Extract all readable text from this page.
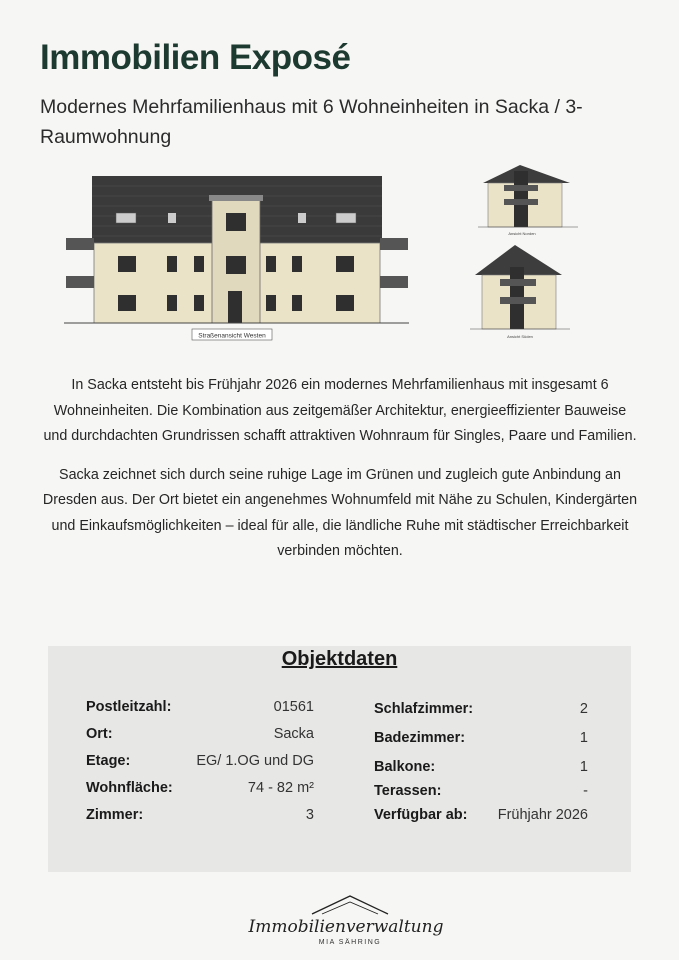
Immobilien Exposé

Modernes Mehrfamilienhaus mit 6 Wohneinheiten in Sacka / 3-Raumwohnung

Straßenansicht Westen
Ansicht Norden
Ansicht Süden

In Sacka entsteht bis Frühjahr 2026 ein modernes Mehrfamilienhaus mit insgesamt 6 Wohneinheiten. Die Kombination aus zeitgemäßer Architektur, energieeffizienter Bauweise und durchdachten Grundrissen schafft attraktiven Wohnraum für Singles, Paare und Familien.

Sacka zeichnet sich durch seine ruhige Lage im Grünen und zugleich gute Anbindung an Dresden aus. Der Ort bietet ein angenehmes Wohnumfeld mit Nähe zu Schulen, Kindergärten und Einkaufsmöglichkeiten – ideal für alle, die ländliche Ruhe mit städtischer Erreichbarkeit verbinden möchten.

Objektdaten
Postleitzahl:	01561
Ort:	Sacka
Etage:	EG/ 1.OG und DG
Wohnfläche:	74 - 82 m²
Zimmer:	3
Schlafzimmer:	2
Badezimmer:	1
Balkone:	1
Terassen:	-
Verfügbar ab: Frühjahr 2026
Immobilienverwaltung
MIA SÄHRING
